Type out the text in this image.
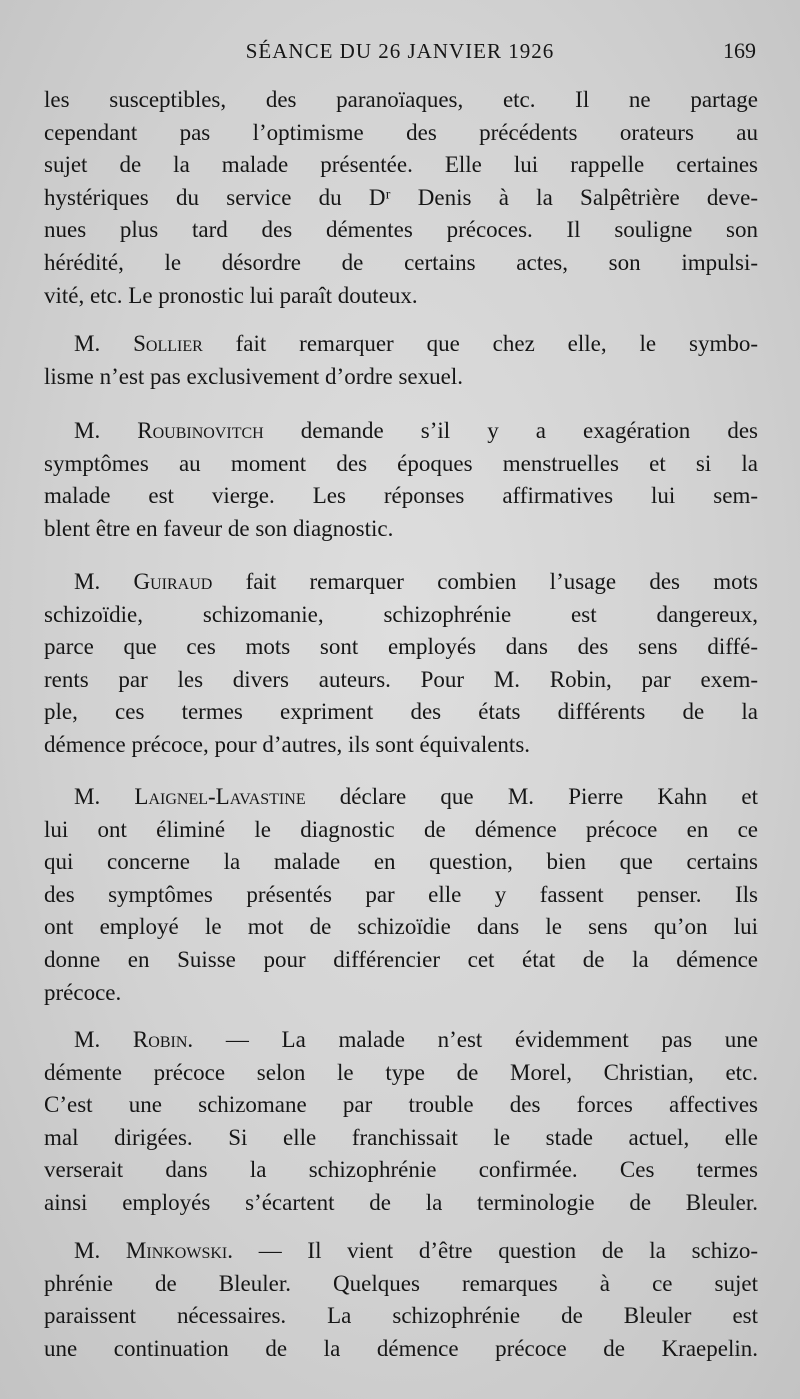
SÉANCE DU 26 JANVIER 1926	169
les susceptibles, des paranoïaques, etc. Il ne partage
cependant pas l’optimisme des précédents orateurs au
sujet de la malade présentée. Elle lui rappelle certaines
hystériques du service du Dʳ Denis à la Salpêtrière deve-
nues plus tard des démentes précoces. Il souligne son
hérédité, le désordre de certains actes, son impulsi-
vité, etc. Le pronostic lui paraît douteux.
M. Sollier fait remarquer que chez elle, le symbo-
lisme n’est pas exclusivement d’ordre sexuel.
M. Roubinovitch demande s’il y a exagération des
symptômes au moment des époques menstruelles et si la
malade est vierge. Les réponses affirmatives lui sem-
blent être en faveur de son diagnostic.
M. Guiraud fait remarquer combien l’usage des mots
schizoïdie, schizomanie, schizophrénie est dangereux,
parce que ces mots sont employés dans des sens diffé-
rents par les divers auteurs. Pour M. Robin, par exem-
ple, ces termes expriment des états différents de la
démence précoce, pour d’autres, ils sont équivalents.
M. Laignel-Lavastine déclare que M. Pierre Kahn et
lui ont éliminé le diagnostic de démence précoce en ce
qui concerne la malade en question, bien que certains
des symptômes présentés par elle y fassent penser. Ils
ont employé le mot de schizoïdie dans le sens qu’on lui
donne en Suisse pour différencier cet état de la démence
précoce.
M. Robin. — La malade n’est évidemment pas une
démente précoce selon le type de Morel, Christian, etc.
C’est une schizomane par trouble des forces affectives
mal dirigées. Si elle franchissait le stade actuel, elle
verserait dans la schizophrénie confirmée. Ces termes
ainsi employés s’écartent de la terminologie de Bleuler.
M. Minkowski. — Il vient d’être question de la schizo-
phrénie de Bleuler. Quelques remarques à ce sujet
paraissent nécessaires. La schizophrénie de Bleuler est
une continuation de la démence précoce de Kraepelin.
